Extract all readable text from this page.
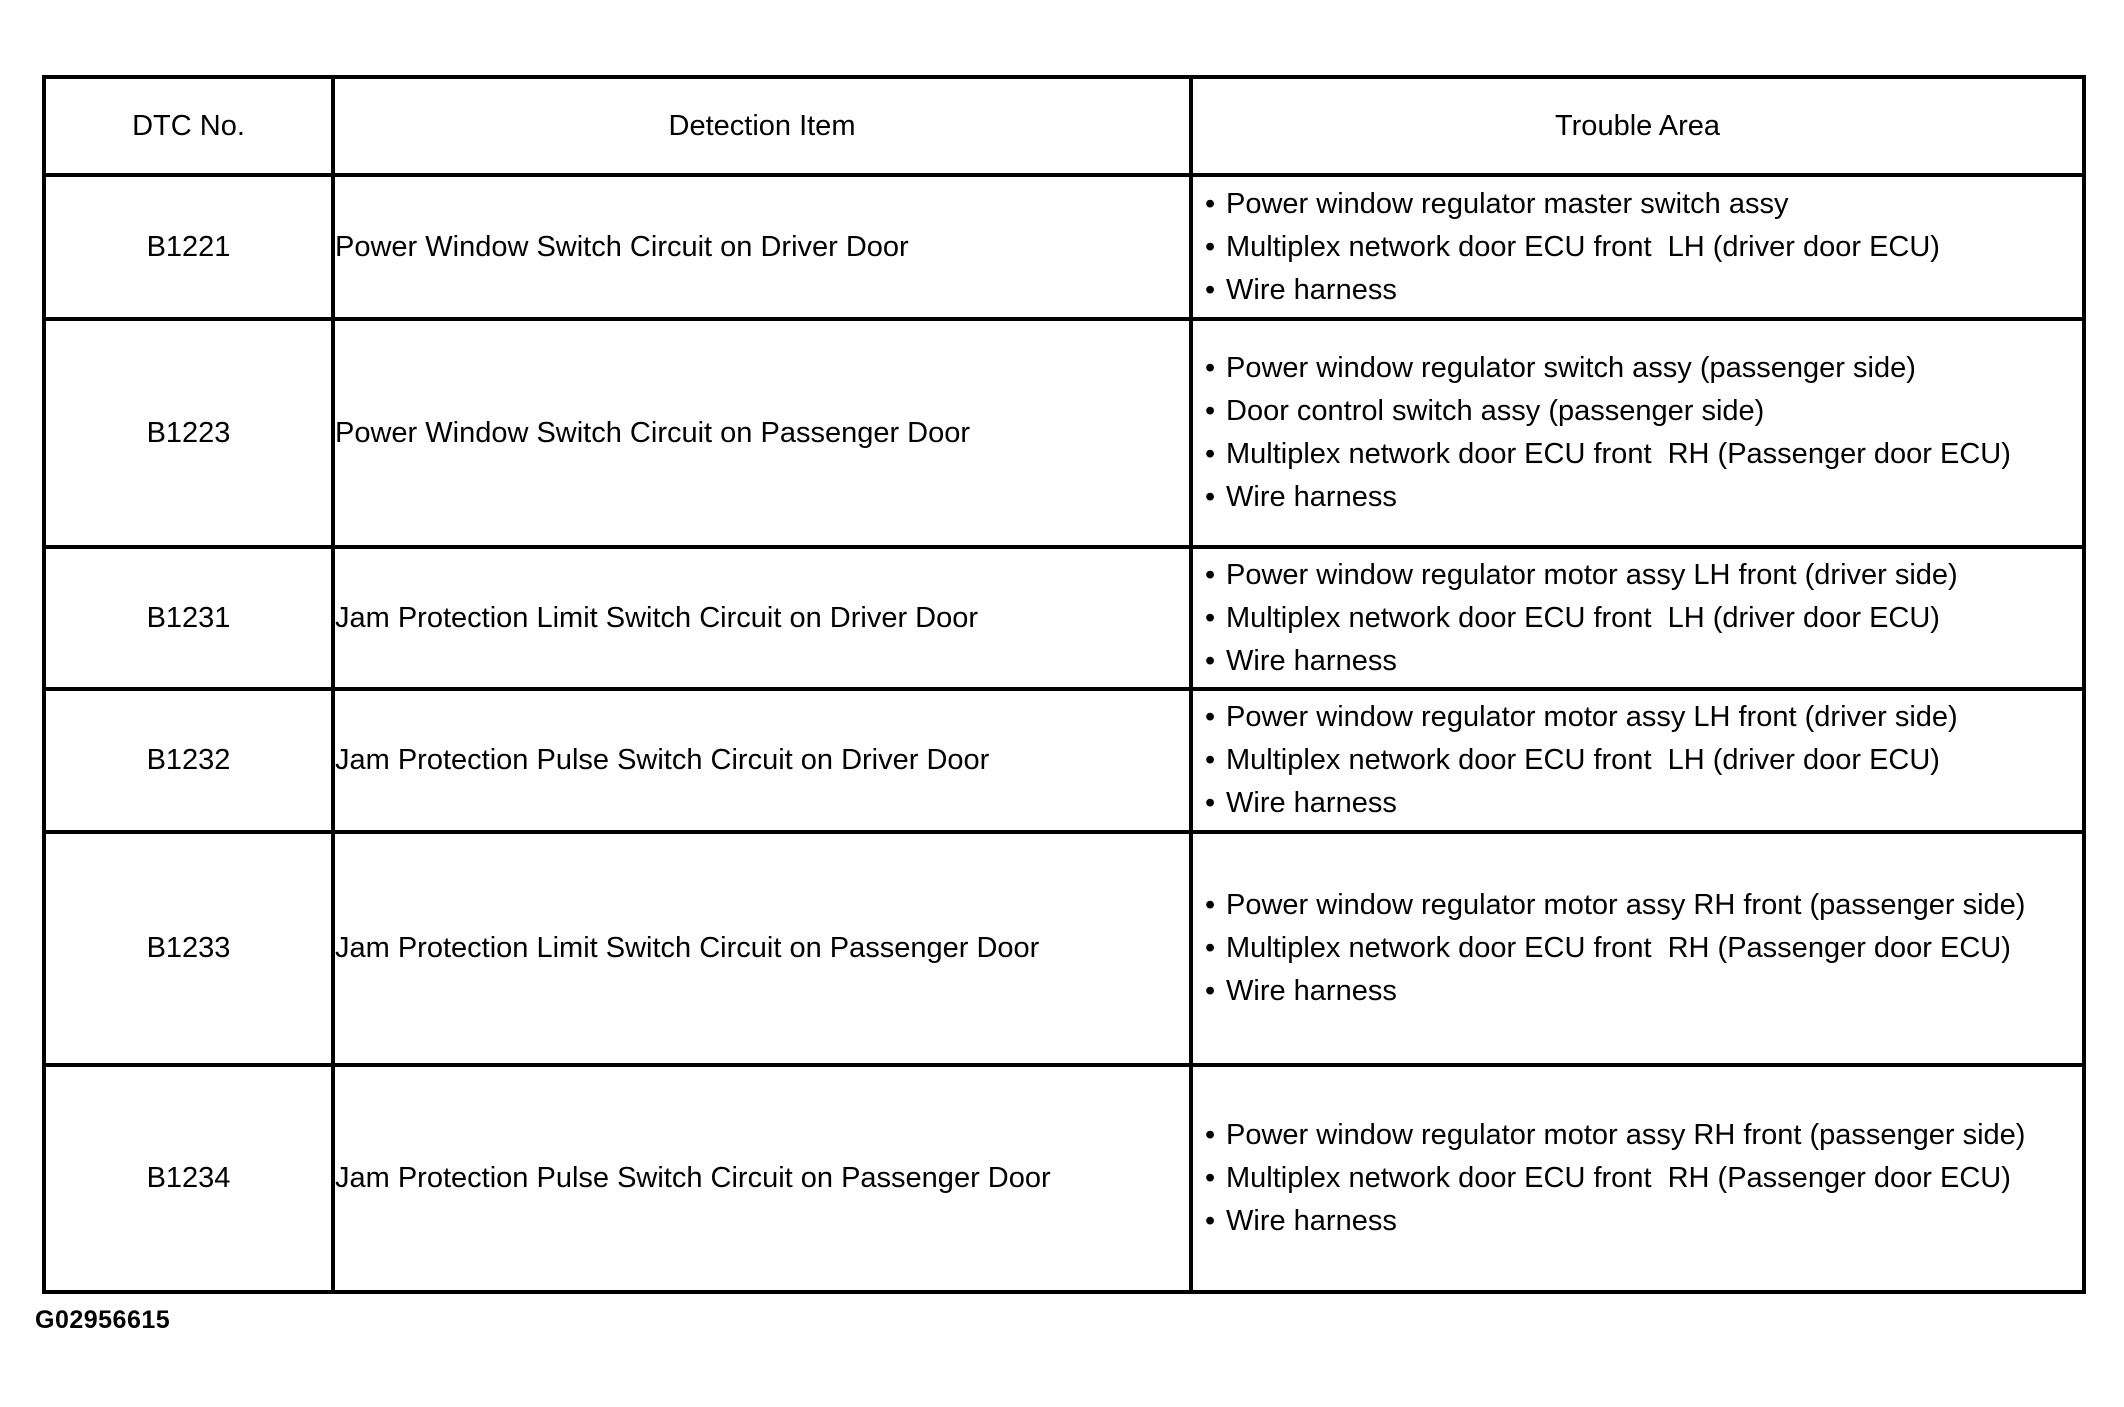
DTC No.	Detection Item	Trouble Area
B1221	Power Window Switch Circuit on Driver Door	
• Power window regulator master switch assy
• Multiplex network door ECU front  LH (driver door ECU)
• Wire harness

B1223	Power Window Switch Circuit on Passenger Door	
• Power window regulator switch assy (passenger side)
• Door control switch assy (passenger side)
• Multiplex network door ECU front  RH (Passenger door ECU)
• Wire harness

B1231	Jam Protection Limit Switch Circuit on Driver Door	
• Power window regulator motor assy LH front (driver side)
• Multiplex network door ECU front  LH (driver door ECU)
• Wire harness

B1232	Jam Protection Pulse Switch Circuit on Driver Door	
• Power window regulator motor assy LH front (driver side)
• Multiplex network door ECU front  LH (driver door ECU)
• Wire harness

B1233	Jam Protection Limit Switch Circuit on Passenger Door	
• Power window regulator motor assy RH front (passenger side)
• Multiplex network door ECU front  RH (Passenger door ECU)
• Wire harness

B1234	Jam Protection Pulse Switch Circuit on Passenger Door	
• Power window regulator motor assy RH front (passenger side)
• Multiplex network door ECU front  RH (Passenger door ECU)
• Wire harness
G02956615
